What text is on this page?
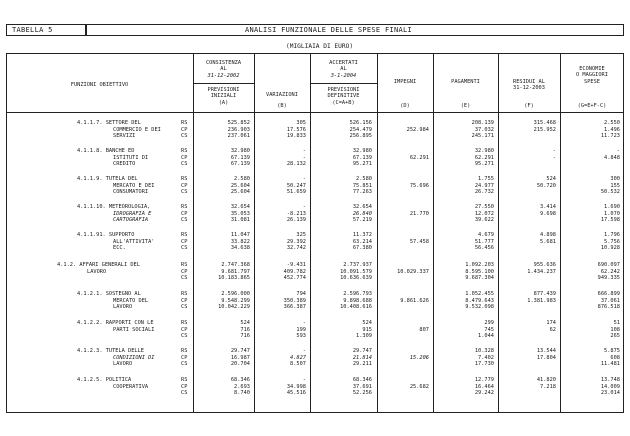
TABELLA 5	ANALISI FUNZIONALE DELLE SPESE FINALI
(MIGLIAIA DI EURO)
FUNZIONI OBIETTIVO
CONSISTENZA
AL
31-12-2002
PREVISIONI
INIZIALI
(A)
VARIAZIONI
(B)
ACCERTATI
AL
3-1-2004
PREVISIONI
DEFINITIVE
(C=A+B)
IMPEGNI
(D)
PAGAMENTI
(E)
RESIDUI AL
31-12-2003
(F)
ECONOMIE
O MAGGIORI
SPESE
(G=E+F-C)
4.1.1.7. SETTORE DEL
COMMERCIO E DEI
SERVIZI
RS
CP
CS
525.852
236.903
237.061
305
17.576
19.833
526.156
254.479
256.895
252.984
208.139
37.032
245.171
315.468
215.952
2.550
1.496
11.723
4.1.1.8. BANCHE ED
ISTITUTI DI
CREDITO
RS
CP
CS
32.980
67.139
67.139
-
-
28.132
32.980
67.139
95.271
62.291
32.980
62.291
95.271
-
-
-
4.848
4.1.1.9. TUTELA DEL
MERCATO E DEI
CONSUMATORI
RS
CP
CS
2.580
25.604
25.604
-
50.247
51.659
2.580
75.851
77.263
75.696
1.755
24.977
26.732
524
50.720
300
155
50.532
4.1.1.10. METEOROLOGIA,
IDROGRAFIA E
CARTOGRAFIA
RS
CP
CS
32.654
35.053
31.081
-
-8.213
26.139
32.654
26.840
57.219
21.770
27.550
12.072
39.622
3.414
9.698
1.690
1.070
17.598
4.1.1.91. SUPPORTO
ALL'ATTIVITA'
ECC.
RS
CP
CS
11.047
33.822
34.638
325
29.392
32.742
11.372
63.214
67.380
57.458
4.679
51.777
56.456
4.898
5.681
1.796
5.756
10.928
4.1.2. AFFARI GENERALI DEL
LAVORO
RS
CP
CS
2.747.368
9.681.797
10.183.865
-9.431
409.782
452.774
2.737.937
10.091.579
10.636.639
10.029.337
1.092.203
8.595.100
9.687.304
955.636
1.434.237
690.097
62.242
949.335
4.1.2.1. SOSTEGNO AL
MERCATO DEL
LAVORO
RS
CP
CS
2.596.000
9.548.299
10.042.229
794
350.389
366.387
2.596.793
9.898.688
10.408.616
9.861.626
1.052.455
8.479.643
9.532.098
877.439
1.381.983
666.899
37.061
876.518
4.1.2.2. RAPPORTI CON LE
PARTI SOCIALI
RS
CP
CS
524
716
716
-
199
593
524
915
1.309
807
299
745
1.044
174
62
51
108
265
4.1.2.3. TUTELA DELLE
CONDIZIONI DI
LAVORO
RS
CP
CS
29.747
16.987
20.704
-
4.827
8.507
29.747
21.814
29.211
15.206
10.328
7.402
17.730
13.544
17.804
5.875
608
11.481
4.1.2.5. POLITICA
COOPERATIVA
RS
CP
CS
68.346
2.693
8.740
-
34.998
45.516
68.346
37.691
52.256
25.682
12.779
16.464
29.242
41.820
7.218
13.748
14.009
23.014
